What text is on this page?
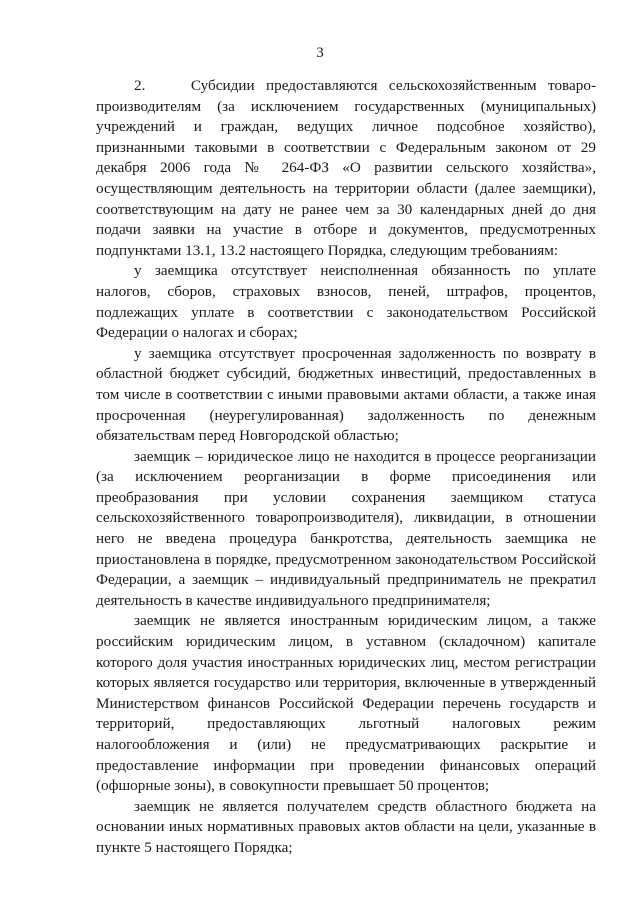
3

2.    Субсидии предоставляются сельскохозяйственным товаро-производителям (за исключением государственных (муниципальных) учреждений и граждан, ведущих личное подсобное хозяйство), признанными таковыми в соответствии с Федеральным законом от 29 декабря 2006 года № 264-ФЗ «О развитии сельского хозяйства», осуществляющим деятельность на территории области (далее заемщики), соответствующим на дату не ранее чем за 30 календарных дней до дня подачи заявки на участие в отборе и документов, предусмотренных подпунктами 13.1, 13.2 настоящего Порядка, следующим требованиям:

у заемщика отсутствует неисполненная обязанность по уплате налогов, сборов, страховых взносов, пеней, штрафов, процентов, подлежащих уплате в соответствии с законодательством Российской Федерации о налогах и сборах;

у заемщика отсутствует просроченная задолженность по возврату в областной бюджет субсидий, бюджетных инвестиций, предоставленных в том числе в соответствии с иными правовыми актами области, а также иная просроченная (неурегулированная) задолженность по денежным обязательствам перед Новгородской областью;

заемщик – юридическое лицо не находится в процессе реорганизации (за исключением реорганизации в форме присоединения или преобразования при условии сохранения заемщиком статуса сельскохозяйственного товаропроизводителя), ликвидации, в отношении него не введена процедура банкротства, деятельность заемщика не приостановлена в порядке, предусмотренном законодательством Российской Федерации, а заемщик – индивидуальный предприниматель не прекратил деятельность в качестве индивидуального предпринимателя;

заемщик не является иностранным юридическим лицом, а также российским юридическим лицом, в уставном (складочном) капитале которого доля участия иностранных юридических лиц, местом регистрации которых является государство или территория, включенные в утвержденный Министерством финансов Российской Федерации перечень государств и территорий, предоставляющих льготный налоговых режим налогообложения и (или) не предусматривающих раскрытие и предоставление информации при проведении финансовых операций (офшорные зоны), в совокупности превышает 50 процентов;

заемщик не является получателем средств областного бюджета на основании иных нормативных правовых актов области на цели, указанные в пункте 5 настоящего Порядка;
